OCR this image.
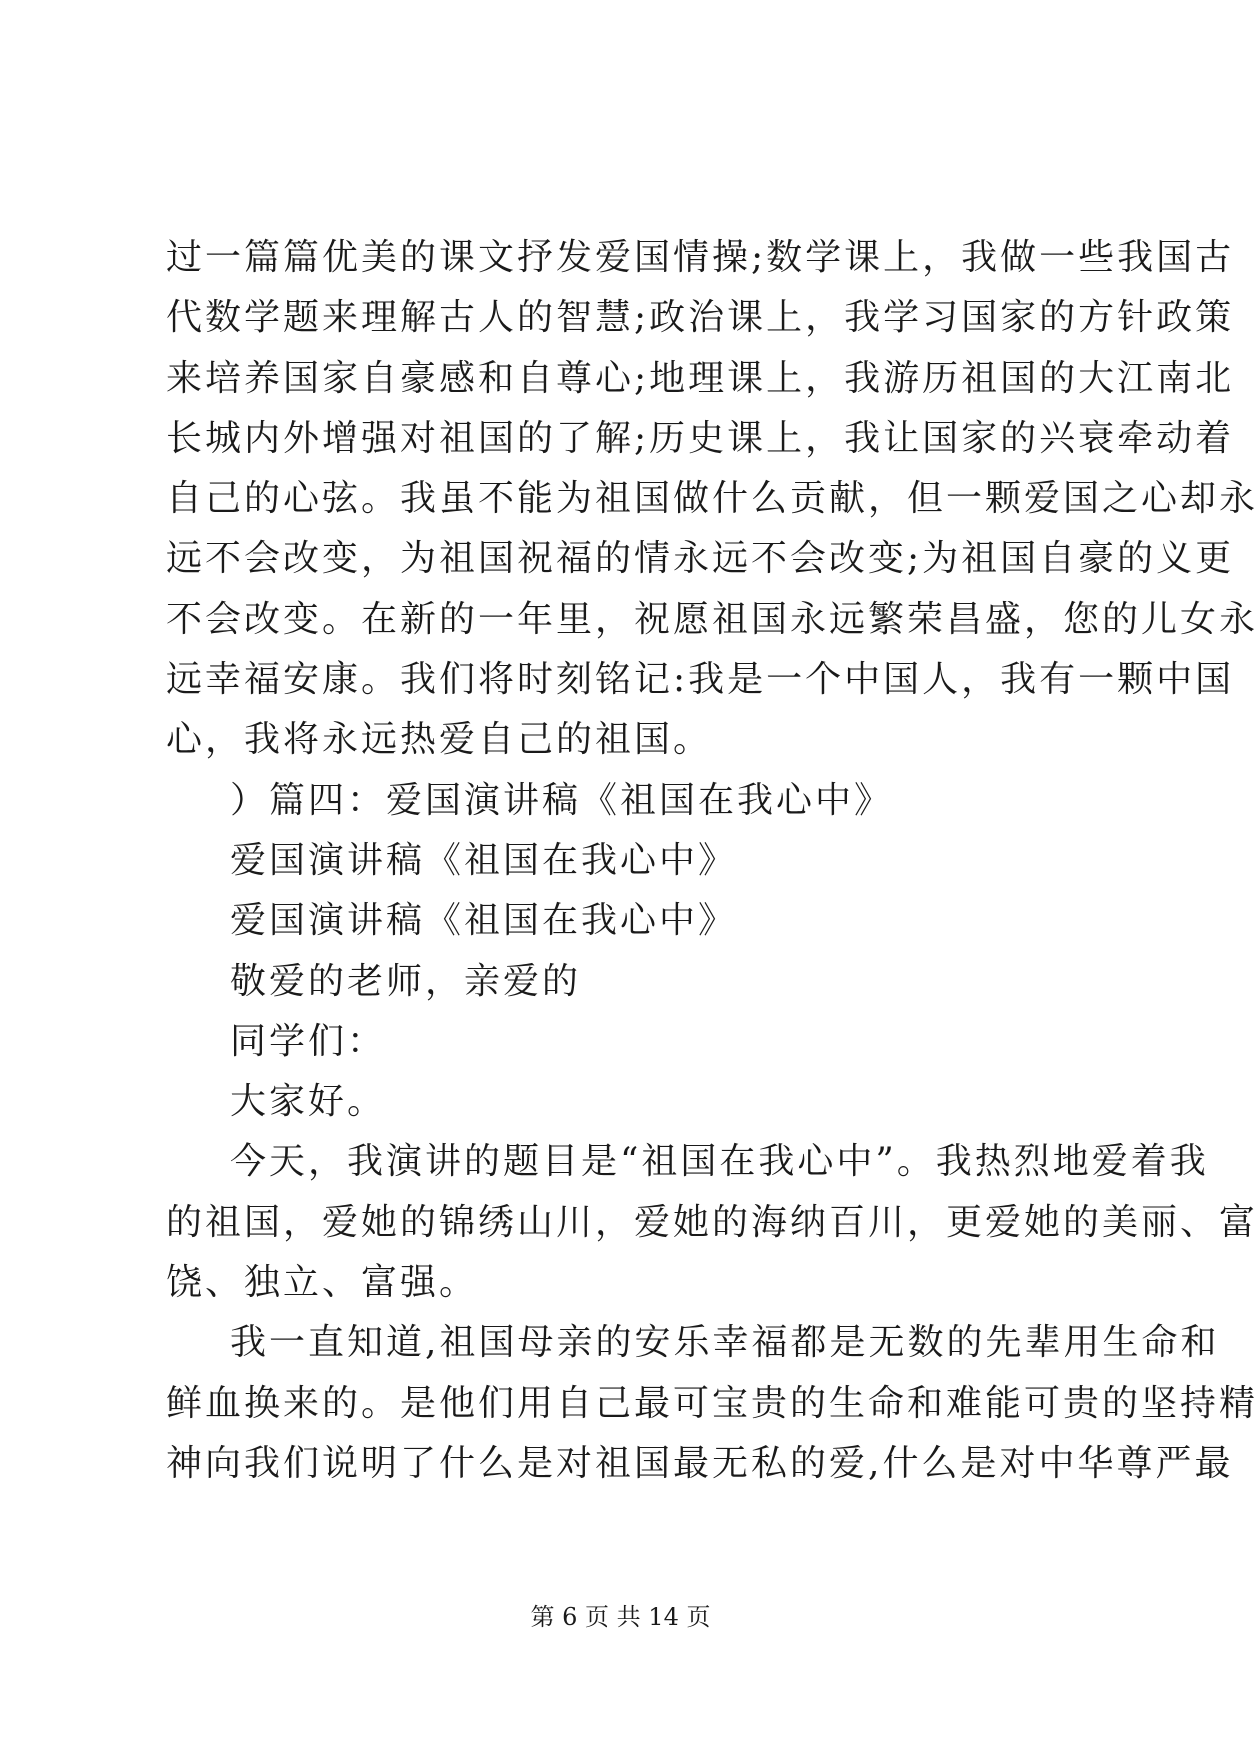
过一篇篇优美的课文抒发爱国情操;数学课上，我做一些我国古
代数学题来理解古人的智慧;政治课上，我学习国家的方针政策
来培养国家自豪感和自尊心;地理课上，我游历祖国的大江南北
长城内外增强对祖国的了解;历史课上，我让国家的兴衰牵动着
自己的心弦。我虽不能为祖国做什么贡献，但一颗爱国之心却永
远不会改变，为祖国祝福的情永远不会改变;为祖国自豪的义更
不会改变。在新的一年里，祝愿祖国永远繁荣昌盛，您的儿女永
远幸福安康。我们将时刻铭记:我是一个中国人，我有一颗中国
心，我将永远热爱自己的祖国。
）篇四：爱国演讲稿《祖国在我心中》
爱国演讲稿《祖国在我心中》
爱国演讲稿《祖国在我心中》
敬爱的老师，亲爱的
同学们：
大家好。
今天，我演讲的题目是“祖国在我心中”。我热烈地爱着我
的祖国，爱她的锦绣山川，爱她的海纳百川，更爱她的美丽、富
饶、独立、富强。
我一直知道,祖国母亲的安乐幸福都是无数的先辈用生命和
鲜血换来的。是他们用自己最可宝贵的生命和难能可贵的坚持精
神向我们说明了什么是对祖国最无私的爱,什么是对中华尊严最
第 6 页 共 14 页
